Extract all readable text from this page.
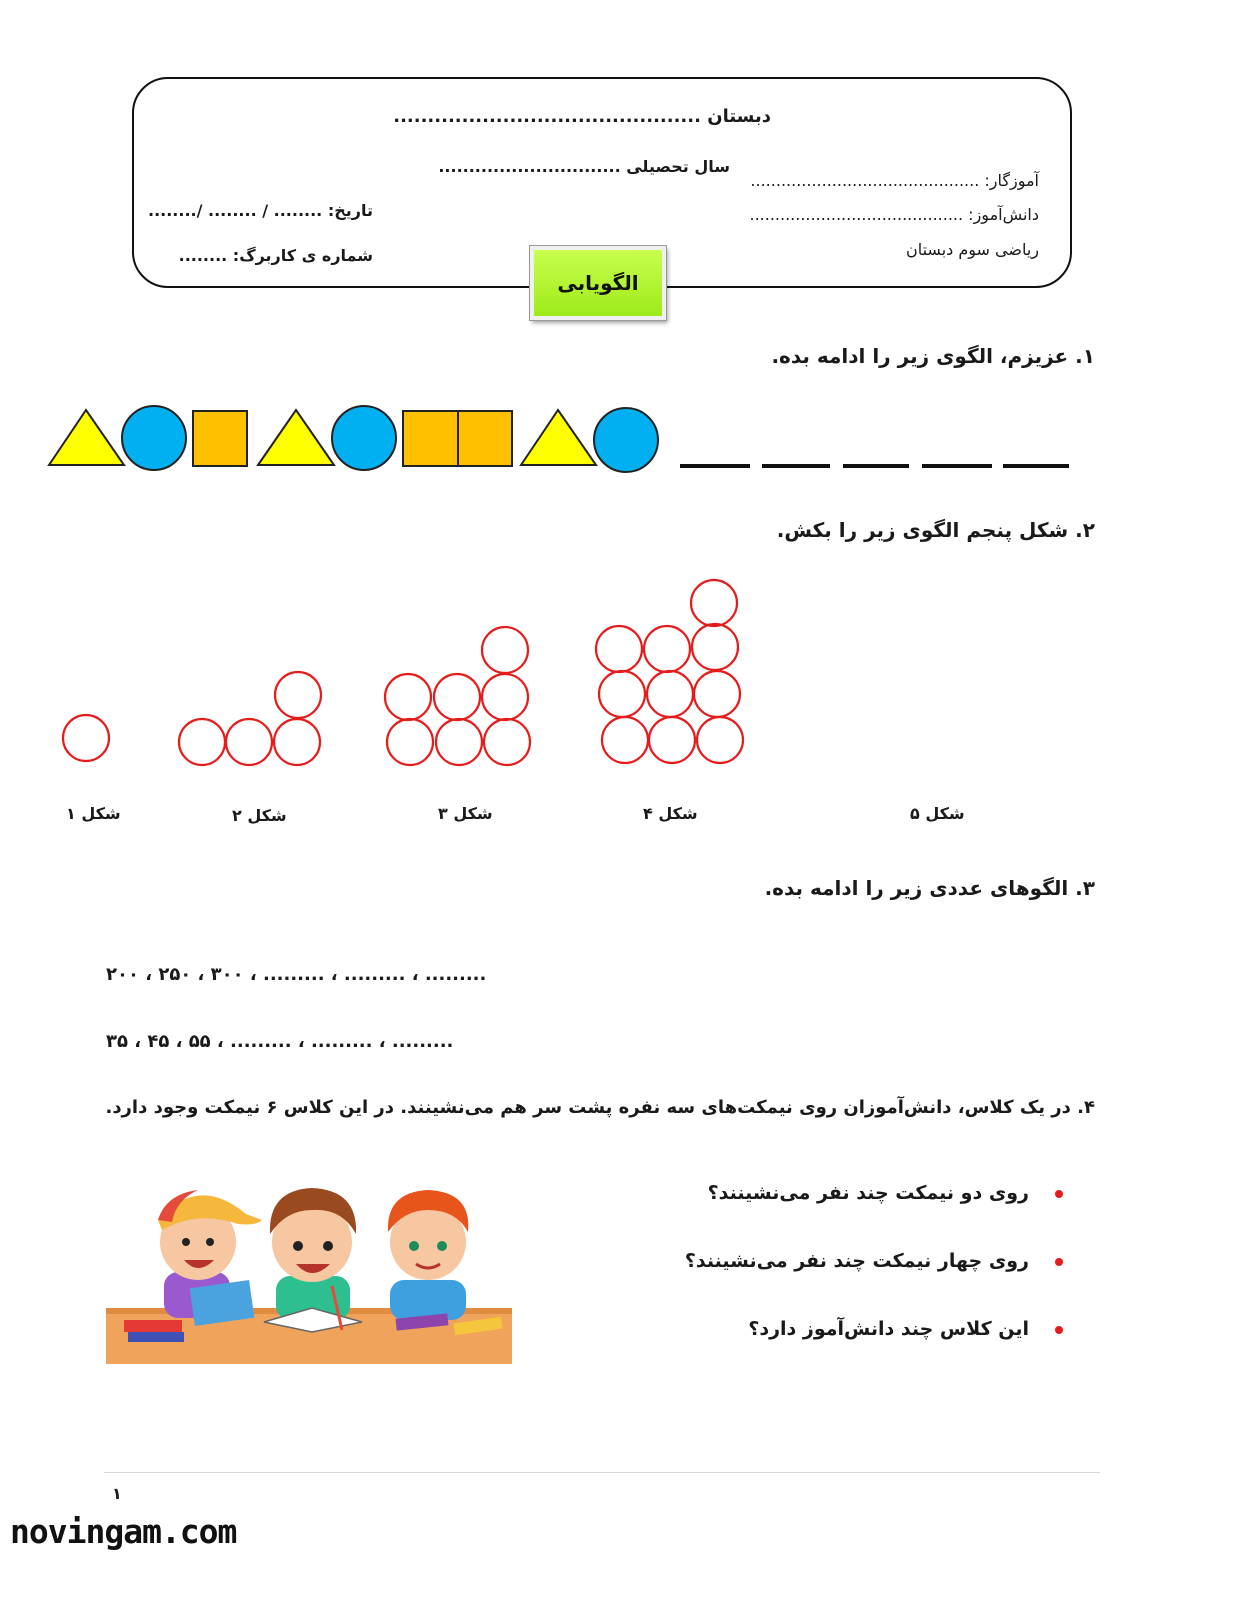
دبستان .............................................
سال تحصیلی ..............................
آموزگار: .............................................
دانش‌آموز: ..........................................
ریاضی سوم دبستان
تاریخ: ........ / ........ /........
شماره ی کاربرگ: ........
الگویابی
۱. عزیزم، الگوی زیر را ادامه بده.
۲. شکل پنجم الگوی زیر را بکش.
شکل ۱	شکل ۲	شکل ۳	شکل ۴	شکل ۵
۳. الگوهای عددی زیر را ادامه بده.
۲۰۰ ، ۲۵۰ ، ۳۰۰ ، ......... ، ......... ، .........
۳۵ ، ۴۵ ، ۵۵ ، ......... ، ......... ، .........
۴. در یک کلاس، دانش‌آموزان روی نیمکت‌های سه نفره پشت سر هم می‌نشینند. در این کلاس ۶ نیمکت وجود دارد.
روی دو نیمکت چند نفر می‌نشینند؟
روی چهار نیمکت چند نفر می‌نشینند؟
این کلاس چند دانش‌آموز دارد؟
۱
novingam.com
